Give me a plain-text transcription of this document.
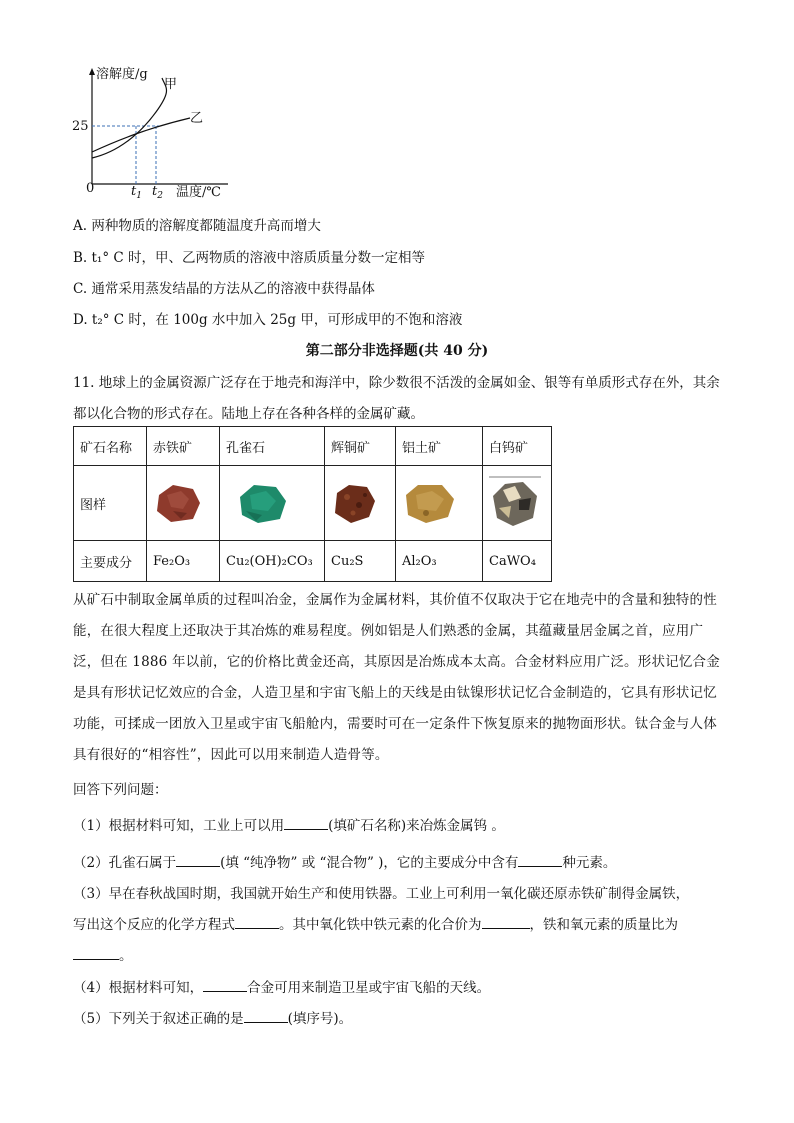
溶解度/g
甲
乙
25
0	$t_1$ $t_2$ 温度/℃
A. 两种物质的溶解度都随温度升高而增大
B. t₁° C 时，甲、乙两物质的溶液中溶质质量分数一定相等
C. 通常采用蒸发结晶的方法从乙的溶液中获得晶体
D. t₂° C 时，在 100g 水中加入 25g 甲，可形成甲的不饱和溶液
第二部分非选择题(共 40 分)
11. 地球上的金属资源广泛存在于地壳和海洋中，除少数很不活泼的金属如金、银等有单质形式存在外，其余都以化合物的形式存在。陆地上存在各种各样的金属矿藏。
矿石名称	赤铁矿	孔雀石	辉铜矿	铝土矿	白钨矿
图样	

主要成分	Fe₂O₃	Cu₂(OH)₂CO₃	Cu₂S	Al₂O₃	CaWO₄
从矿石中制取金属单质的过程叫冶金，金属作为金属材料，其价值不仅取决于它在地壳中的含量和独特的性能，在很大程度上还取决于其冶炼的难易程度。例如铝是人们熟悉的金属，其蕴藏量居金属之首，应用广泛，但在 1886 年以前，它的价格比黄金还高，其原因是冶炼成本太高。合金材料应用广泛。形状记忆合金是具有形状记忆效应的合金，人造卫星和宇宙飞船上的天线是由钛镍形状记忆合金制造的，它具有形状记忆功能，可揉成一团放入卫星或宇宙飞船舱内，需要时可在一定条件下恢复原来的抛物面形状。钛合金与人体具有很好的“相容性”，因此可以用来制造人造骨等。
回答下列问题：
（1）根据材料可知，工业上可以用	(填矿石名称)来冶炼金属钨 。
（2）孔雀石属于	(填 “纯净物” 或 “混合物” )，它的主要成分中含有	种元素。
（3）早在春秋战国时期，我国就开始生产和使用铁器。工业上可利用一氧化碳还原赤铁矿制得金属铁，
写出这个反应的化学方程式	。其中氧化铁中铁元素的化合价为	，铁和氧元素的质量比为
。
（4）根据材料可知，	合金可用来制造卫星或宇宙飞船的天线。
（5）下列关于叙述正确的是	(填序号)。
